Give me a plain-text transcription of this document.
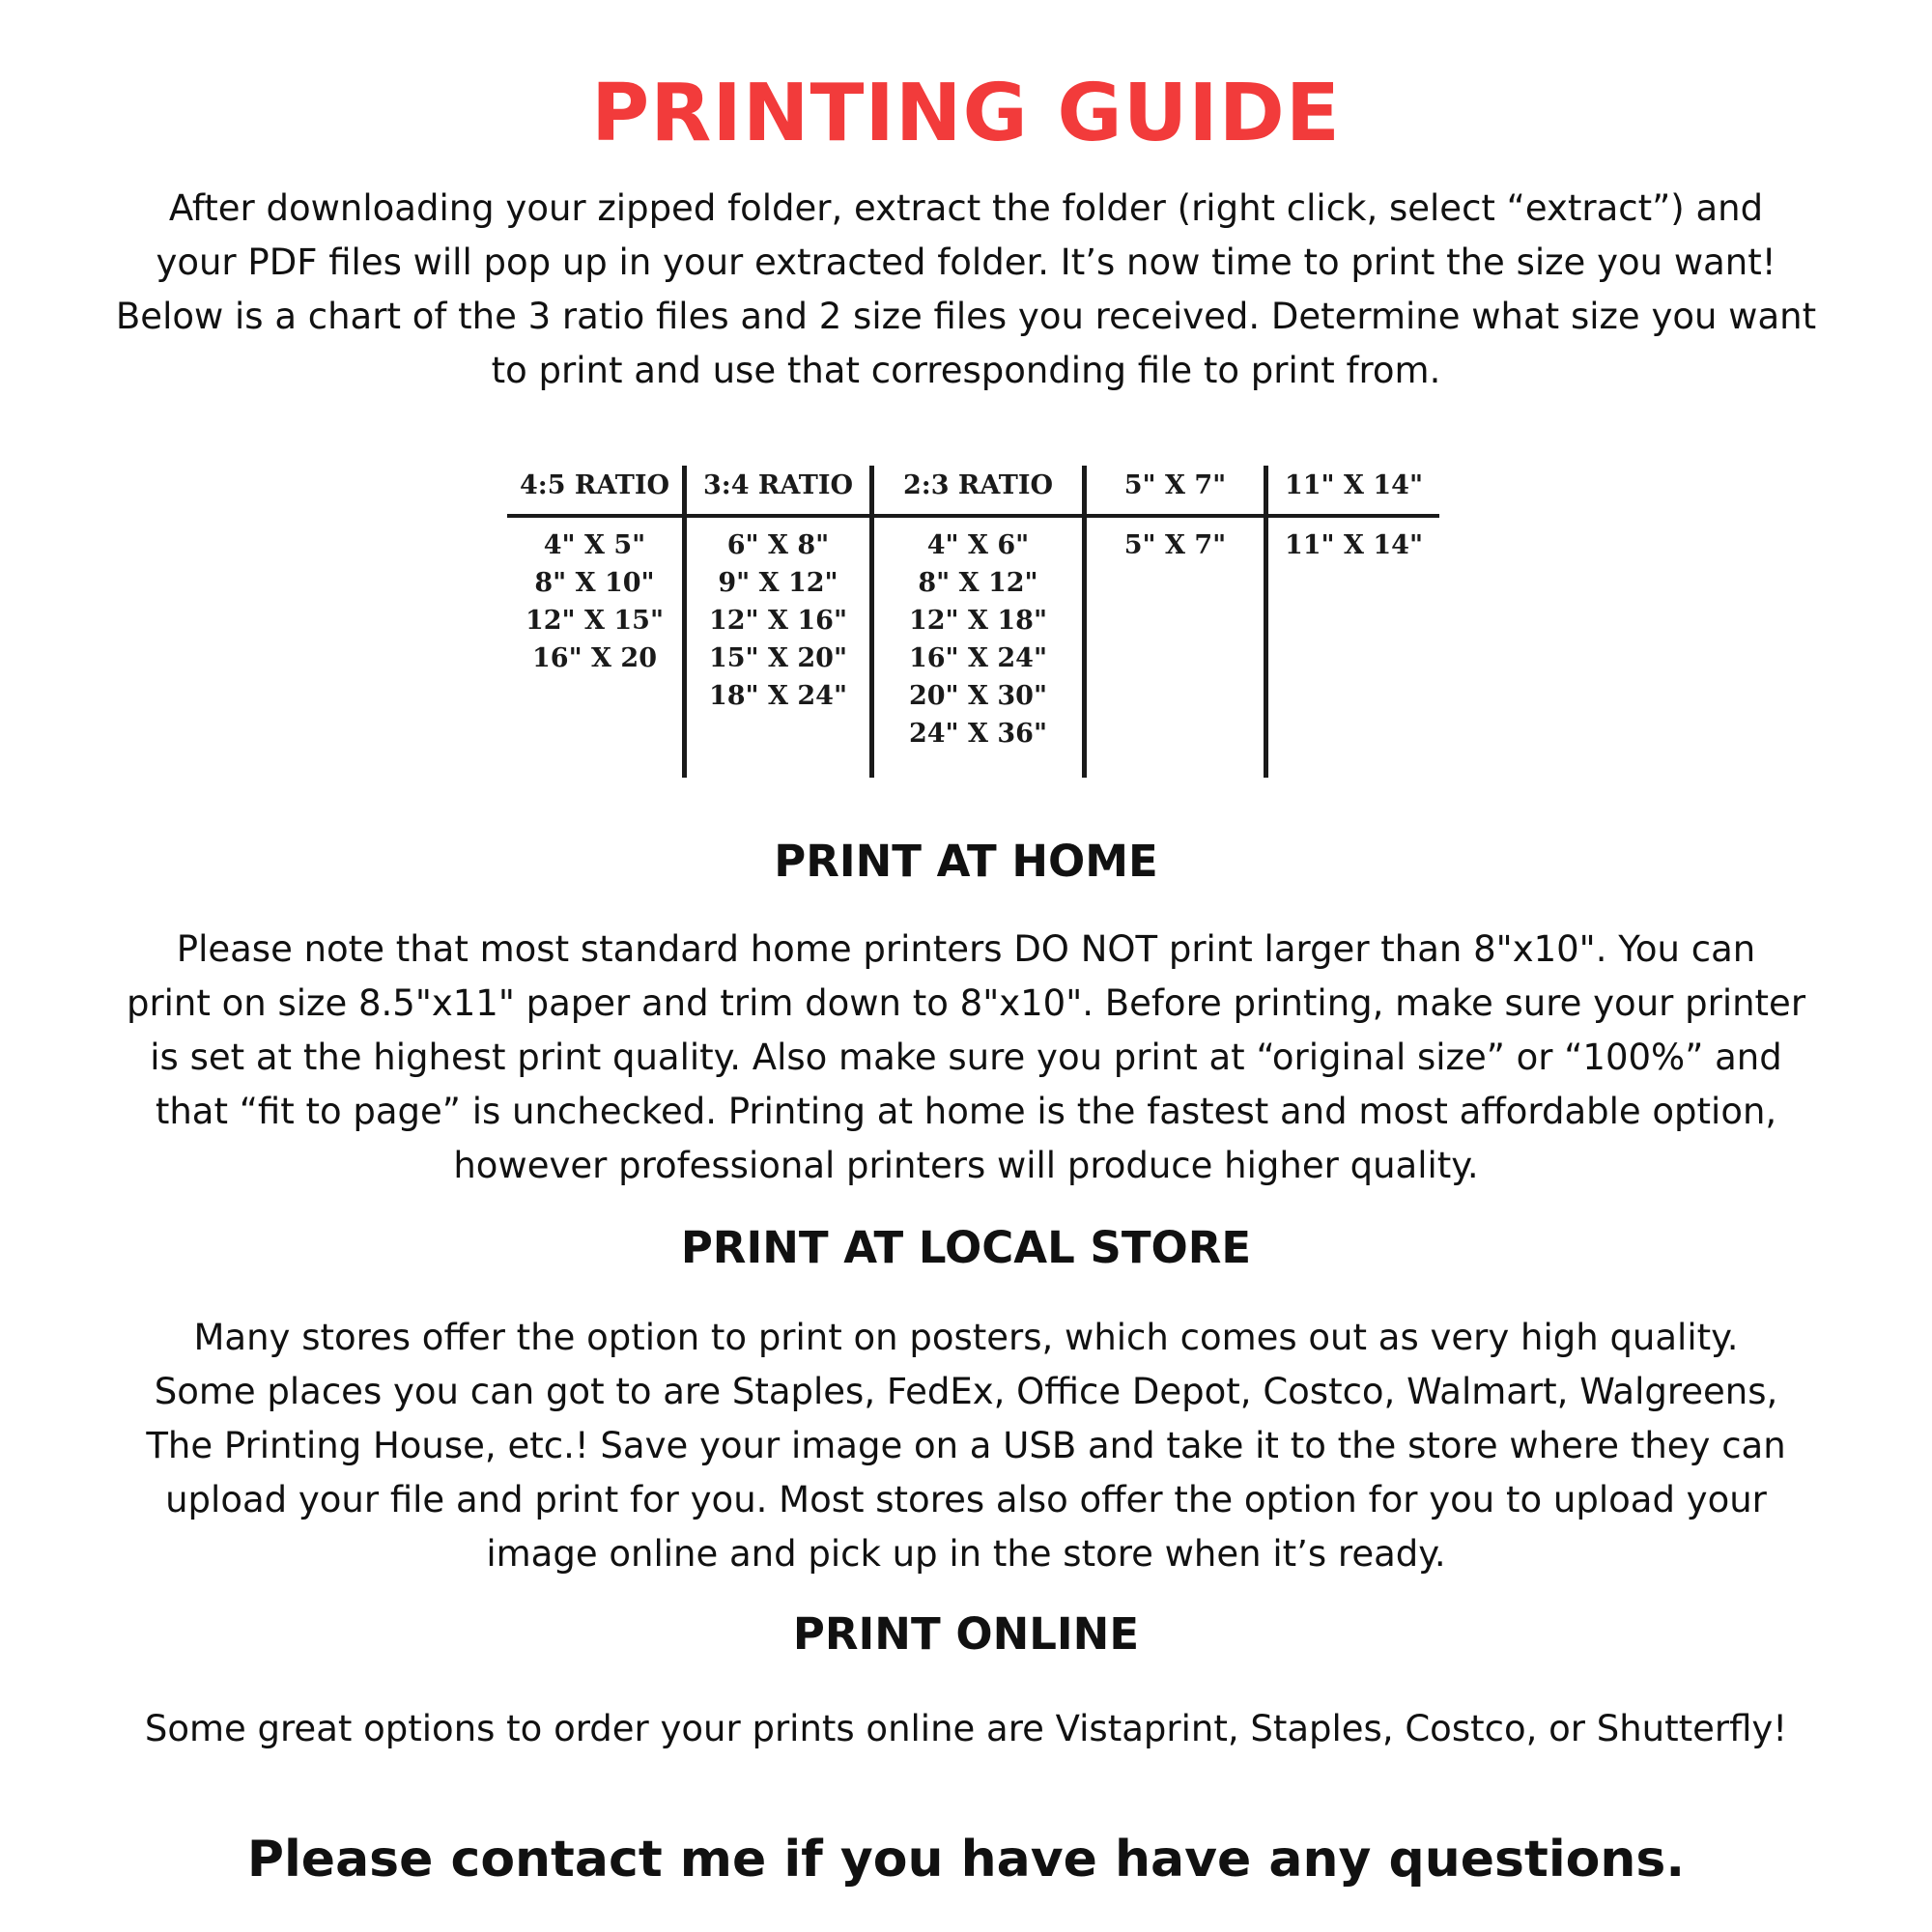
PRINTING GUIDE
After downloading your zipped folder, extract the folder (right click, select “extract”) and
your PDF files will pop up in your extracted folder. It’s now time to print the size you want!
Below is a chart of the 3 ratio files and 2 size files you received. Determine what size you want
to print and use that corresponding file to print from.
4:5 RATIO
4" X 5"
8" X 10"
12" X 15"
16" X 20
3:4 RATIO
6" X 8"
9" X 12"
12" X 16"
15" X 20"
18" X 24"
2:3 RATIO
4" X 6"
8" X 12"
12" X 18"
16" X 24"
20" X 30"
24" X 36"
5" X 7"
5" X 7"
11" X 14"
11" X 14"
PRINT AT HOME
Please note that most standard home printers DO NOT print larger than 8"x10". You can
print on size 8.5"x11" paper and trim down to 8"x10". Before printing, make sure your printer
is set at the highest print quality. Also make sure you print at “original size” or “100%” and
that “fit to page” is unchecked. Printing at home is the fastest and most affordable option,
however professional printers will produce higher quality.
PRINT AT LOCAL STORE
Many stores offer the option to print on posters, which comes out as very high quality.
Some places you can got to are Staples, FedEx, Office Depot, Costco, Walmart, Walgreens,
The Printing House, etc.! Save your image on a USB and take it to the store where they can
upload your file and print for you. Most stores also offer the option for you to upload your
image online and pick up in the store when it’s ready.
PRINT ONLINE
Some great options to order your prints online are Vistaprint, Staples, Costco, or Shutterfly!
Please contact me if you have have any questions.
